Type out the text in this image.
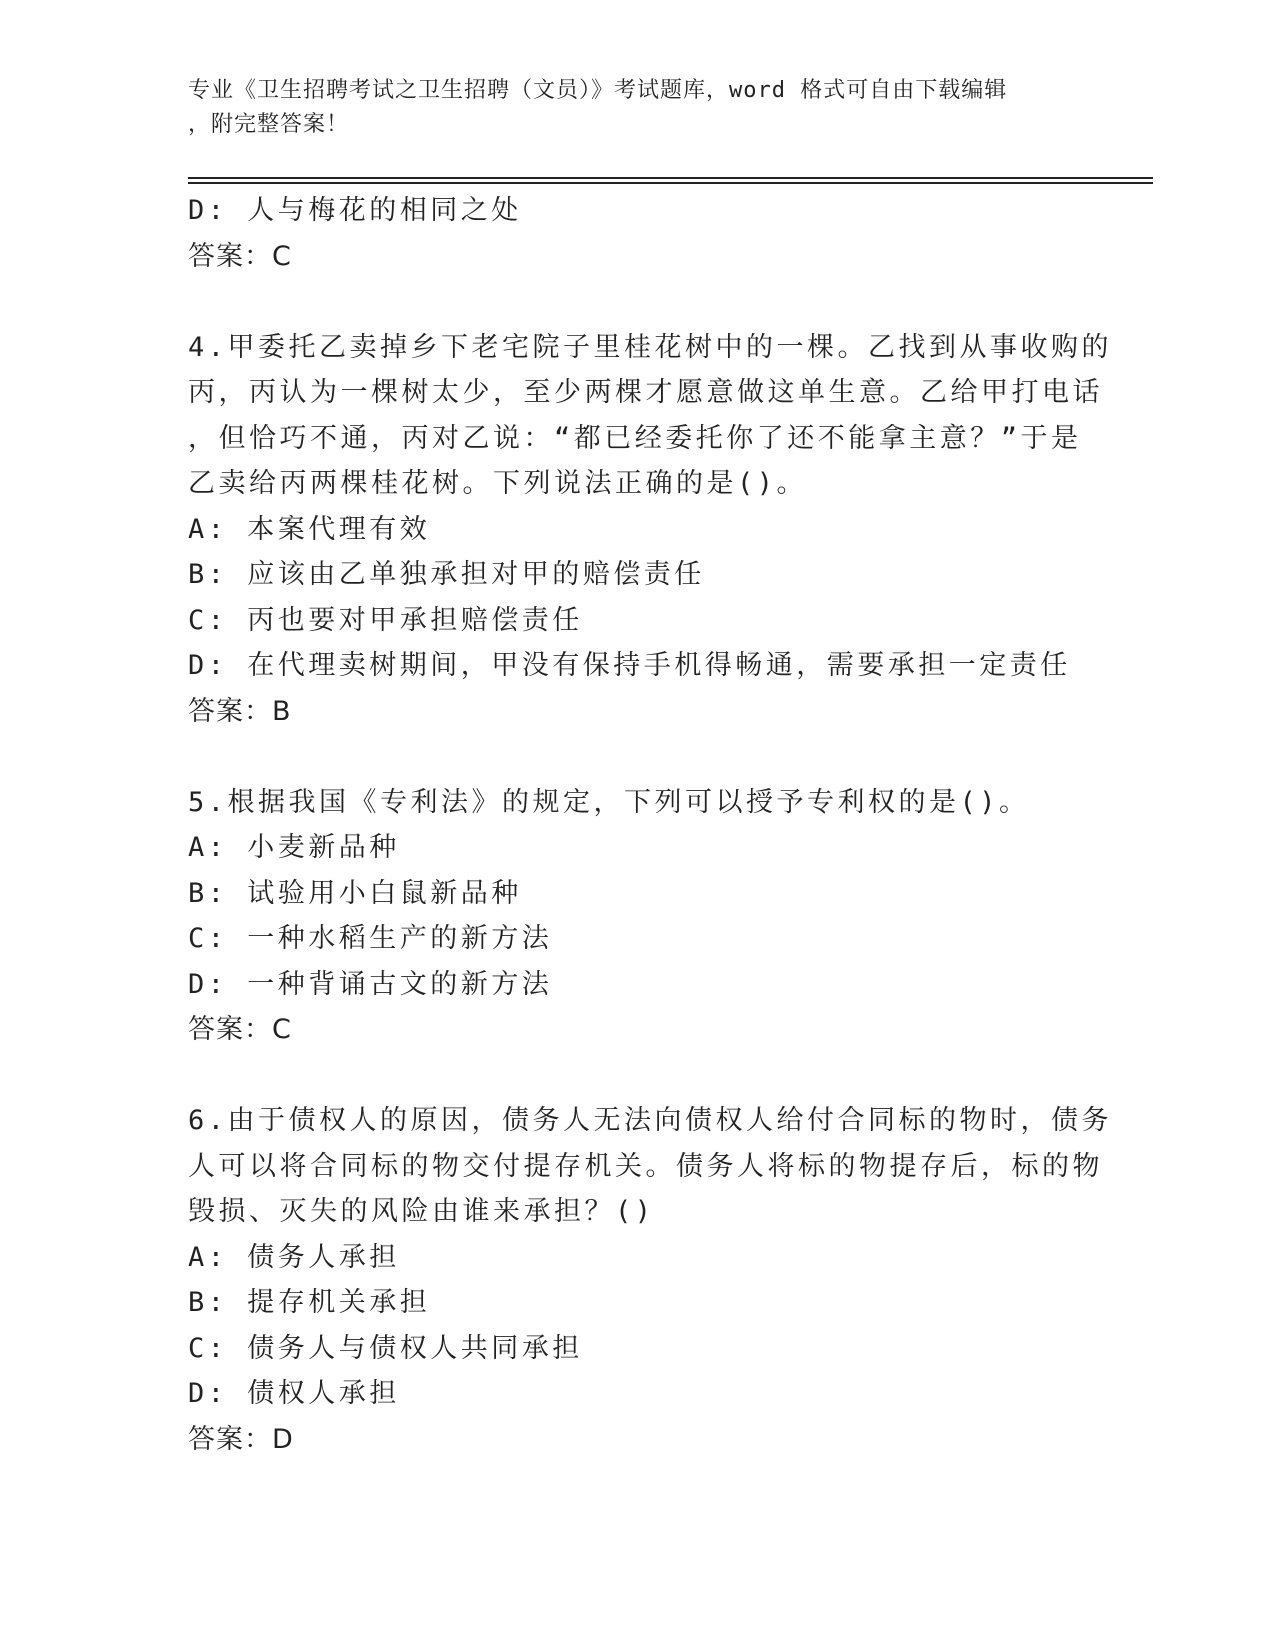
专业《卫生招聘考试之卫生招聘（文员）》考试题库，word 格式可自由下载编辑
，附完整答案！
D: 人与梅花的相同之处
答案：C
4.甲委托乙卖掉乡下老宅院子里桂花树中的一棵。乙找到从事收购的
丙，丙认为一棵树太少，至少两棵才愿意做这单生意。乙给甲打电话
，但恰巧不通，丙对乙说：“都已经委托你了还不能拿主意？”于是
乙卖给丙两棵桂花树。下列说法正确的是()。
A: 本案代理有效
B: 应该由乙单独承担对甲的赔偿责任
C: 丙也要对甲承担赔偿责任
D: 在代理卖树期间，甲没有保持手机得畅通，需要承担一定责任
答案：B
5.根据我国《专利法》的规定，下列可以授予专利权的是()。
A: 小麦新品种
B: 试验用小白鼠新品种
C: 一种水稻生产的新方法
D: 一种背诵古文的新方法
答案：C
6.由于债权人的原因，债务人无法向债权人给付合同标的物时，债务
人可以将合同标的物交付提存机关。债务人将标的物提存后，标的物
毁损、灭失的风险由谁来承担？()
A: 债务人承担
B: 提存机关承担
C: 债务人与债权人共同承担
D: 债权人承担
答案：D
